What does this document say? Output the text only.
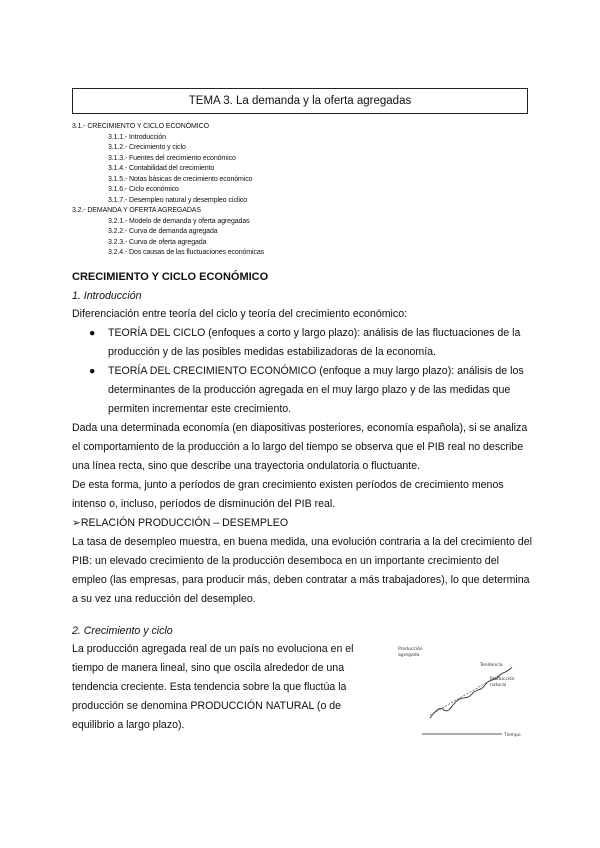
TEMA 3. La demanda y la oferta agregadas
3.1.- CRECIMIENTO Y CICLO ECONÓMICO
3.1.1.- Introducción
3.1.2.- Crecimiento y ciclo
3.1.3.- Fuentes del crecimiento económico
3.1.4.- Contabilidad del crecimiento
3.1.5.- Notas básicas de crecimiento económico
3.1.6.- Ciclo económico
3.1.7.- Desempleo natural y desempleo cíclico
3.2.- DEMANDA Y OFERTA AGREGADAS
3.2.1.- Modelo de demanda y oferta agregadas
3.2.2.- Curva de demanda agregada
3.2.3.- Curva de oferta agregada
3.2.4.- Dos causas de las fluctuaciones económicas
CRECIMIENTO Y CICLO ECONÓMICO
1. Introducción

Diferenciación entre teoría del ciclo y teoría del crecimiento económico:

● TEORÍA DEL CICLO (enfoques a corto y largo plazo): análisis de las fluctuaciones de la producción y de las posibles medidas estabilizadoras de la economía.
● TEORÍA DEL CRECIMIENTO ECONÓMICO (enfoque a muy largo plazo): análisis de los determinantes de la producción agregada en el muy largo plazo y de las medidas que permiten incrementar este crecimiento.

Dada una determinada economía (en diapositivas posteriores, economía española), si se analiza el comportamiento de la producción a lo largo del tiempo se observa que el PIB real no describe una línea recta, sino que describe una trayectoria ondulatoria o fluctuante.

De esta forma, junto a períodos de gran crecimiento existen períodos de crecimiento menos intenso o, incluso, períodos de disminución del PIB real.

➢RELACIÓN PRODUCCIÓN – DESEMPLEO

La tasa de desempleo muestra, en buena medida, una evolución contraria a la del crecimiento del PIB: un elevado crecimiento de la producción desemboca en un importante crecimiento del empleo (las empresas, para producir más, deben contratar a más trabajadores), lo que determina a su vez una reducción del desempleo.

2. Crecimiento y ciclo

La producción agregada real de un país no evoluciona en el tiempo de manera lineal, sino que oscila alrededor de una tendencia creciente. Esta tendencia sobre la que fluctúa la producción se denomina PRODUCCIÓN NATURAL (o de equilibrio a largo plazo).

Producción
agregada
Tendencia
Producción
natural
Tiempo
